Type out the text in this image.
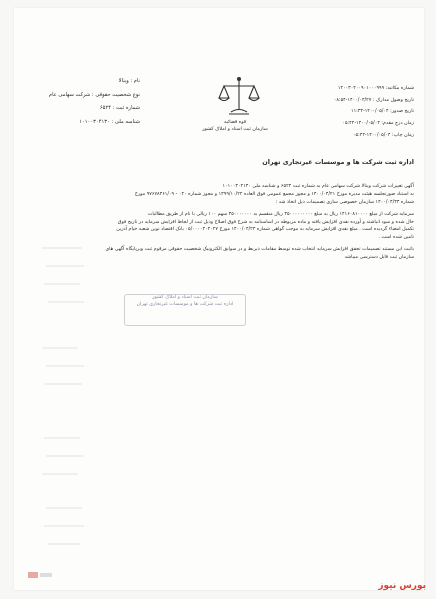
نام : وینالا
نوع شخصیت حقوقی : شرکت سهامی عام
شماره ثبت : ۶۵۲۴
شناسه ملی : ۱۰۱۰۰۳۰۴۱۳۰	قوه قضائیه
سازمان ثبت اسناد و املاک کشور
شماره مکاتبه: ۱۴۰۰۳۰۴۰۰۹۰۱۰۰۰۹۹۹
تاریخ وصول مدارک : ۱۴۰۰/۰۴/۲۷-۰۸:۵۴
تاریخ صدور: ۱۴۰۰/۰۵/۰۴-۱۱:۳۳
زمان درج مقدم: ۱۴۰۰/۰۵/۰۴-۰۵:۴۲
زمان چاپ: ۱۴۰۰/۰۵/۰۴-۰۵:۴۲
اداره ثبت شرکت ها و موسسات غیرتجاری تهران

آگهی تغییرات شرکت وینالا شرکت سهامی عام به شماره ثبت ۶۵۲۴ و شناسه ملی ۱۰۱۰۰۳۰۴۱۳۰

به استناد صورتجلسه هیئت مدیره مورخ ۱۴۰۰/۰۴/۲۱ و مجوز مجمع عمومی فوق العاده ۱۳۹۹/۱۰/۲۲ و مجوز شماره ۰۲۰ - ۹۷۶۷۸۳۶۱/۰۹ مورخ

شماره ۱۴۰۰/۰۴/۳۳ سازمان خصوصی سازی تصمیمات ذیل اتخاذ شد :

سرمایه شرکت از مبلغ ۱۴۱۶۰۸۱۰۰۰۰ ریال به مبلغ ۳۵۰۰۰۰۰۰۰۰۰ ریال منقسم به ۳۵۰۰۰۰۰۰۰ سهم ۱۰۰ ریالی با نام از طریق مطالبات

حال شده و سود انباشته و آورده نقدی افزایش یافته و ماده مربوطه در اساسنامه به شرح فوق اصلاح وذیل ثبت از لحاظ افزایش سرمایه در تاریخ فوق

تکمیل امضاء گردیده است . مبلغ نقدی افزایش سرمایه به موجب گواهی شماره ۱۴۰۰/۰۴/۲۳ مورخ ۰۵/۰۰۰۰۴۰۴۰۲۷ بانک اقتصاد نوین شعبه خیام آذرین

تامین شده است .

باثبت این مستند تصمیمات تحقق افزایش سرمایه انتخاب شده توسط مقامات ذیربط و در سوابق الکترونیک شخصیت حقوقی مرقوم ثبت وبرپایگاه آگهی های

سازمان ثبت قابل دسترسی میباشد

سازمان ثبت اسناد و املاک کشور
اداره ثبت شرکت ها و موسسات غیرتجاری تهران
بورس نیوز
